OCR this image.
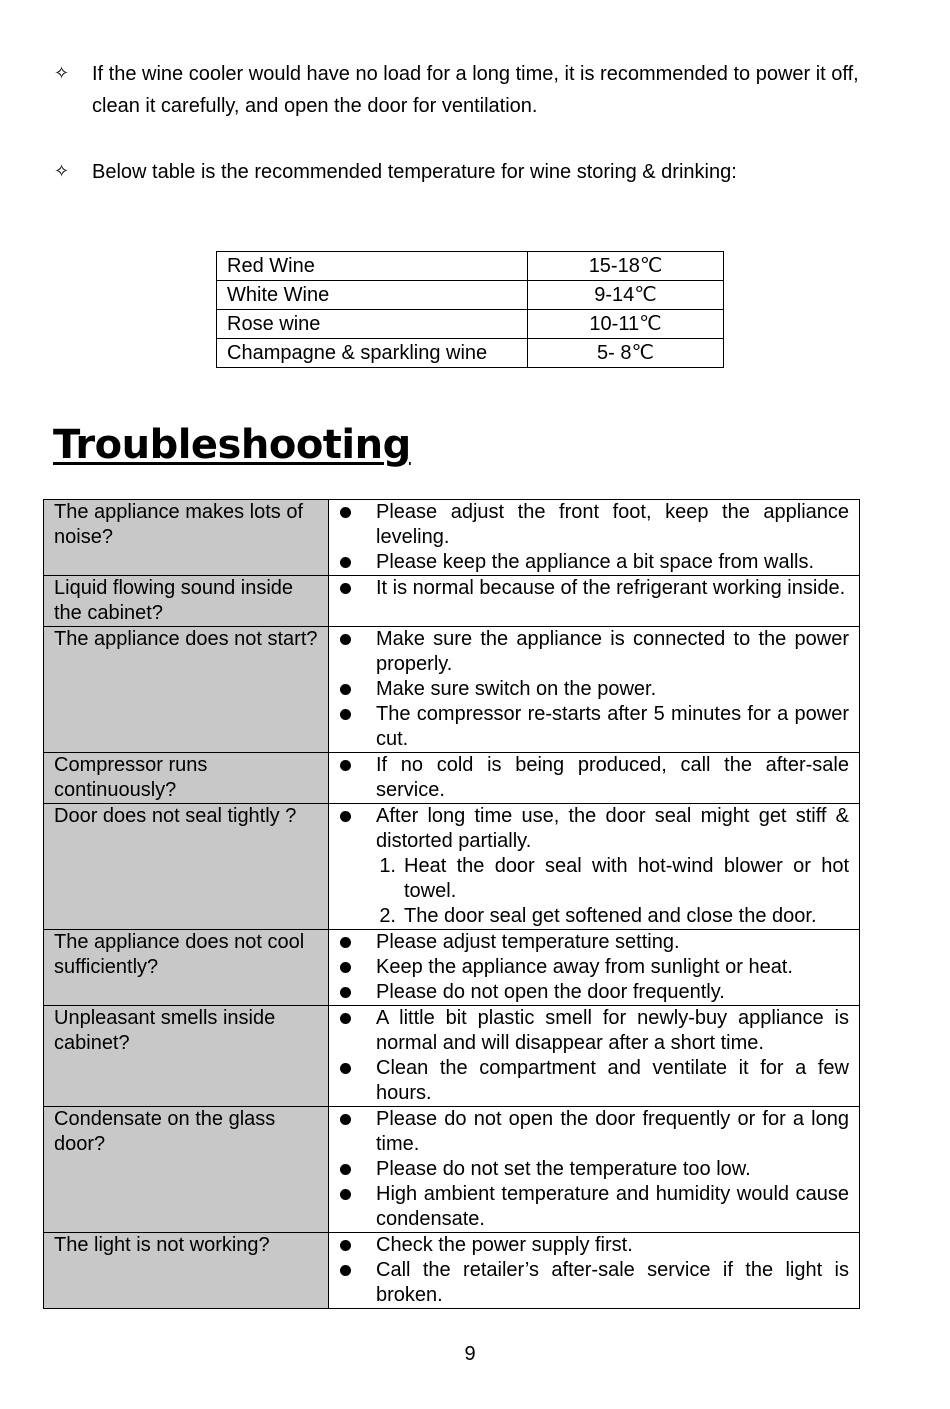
✧	If the wine cooler would have no load for a long time, it is recommended to power it off, clean it carefully, and open the door for ventilation.
✧	Below table is the recommended temperature for wine storing & drinking:
Red Wine	15-18℃
White Wine	9-14℃
Rose wine	10-11℃
Champagne & sparkling wine	5- 8℃
Troubleshooting
The appliance makes lots of noise?	Please adjust the front foot, keep the appliance leveling.
Please keep the appliance a bit space from walls.

Liquid flowing sound inside the cabinet?	It is normal because of the refrigerant working inside.

The appliance does not start?	Make sure the appliance is connected to the power properly.
Make sure switch on the power.
The compressor re-starts after 5 minutes for a power cut.

Compressor runs continuously?	If no cold is being produced, call the after-sale service.

Door does not seal tightly ?	After long time use, the door seal might get stiff & distorted partially.
1. Heat the door seal with hot-wind blower or hot towel.
2. The door seal get softened and close the door.

The appliance does not cool sufficiently?	Please adjust temperature setting.
Keep the appliance away from sunlight or heat.
Please do not open the door frequently.

Unpleasant smells inside cabinet?	A little bit plastic smell for newly-buy appliance is normal and will disappear after a short time.
Clean the compartment and ventilate it for a few hours.

Condensate on the glass door?	Please do not open the door frequently or for a long time.
Please do not set the temperature too low.
High ambient temperature and humidity would cause condensate.

The light is not working?	Check the power supply first.
Call the retailer’s after-sale service if the light is broken.
9
